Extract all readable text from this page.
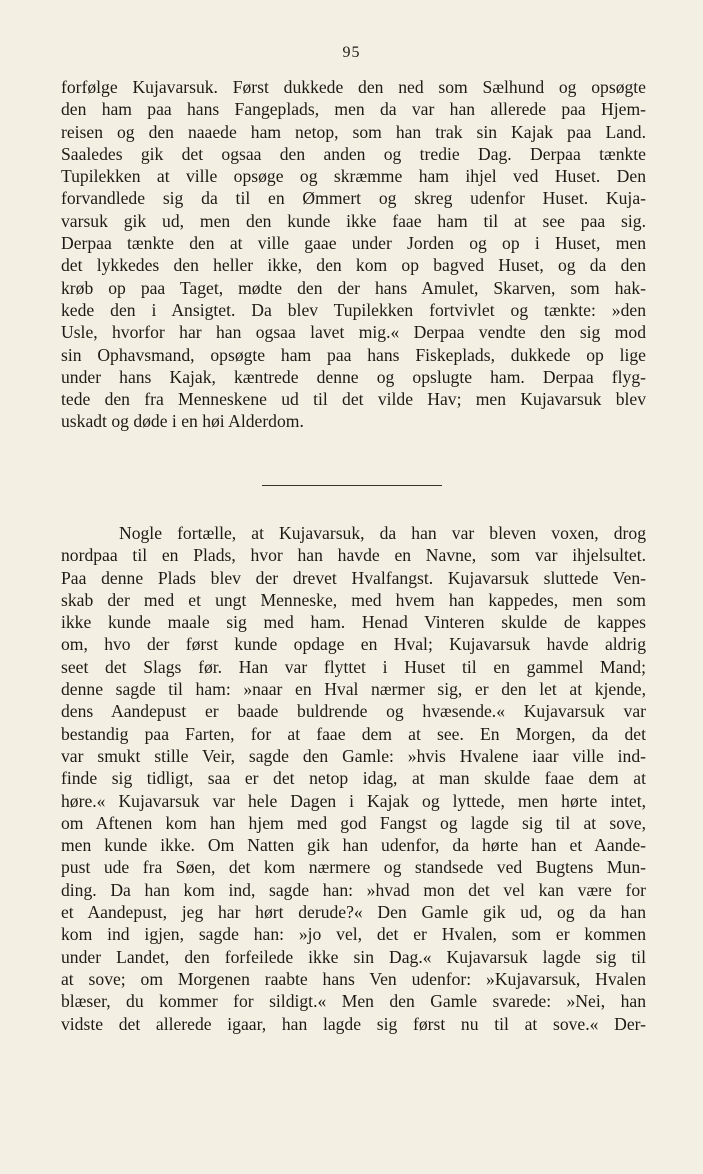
95
forfølge Kujavarsuk. Først dukkede den ned som Sælhund og opsøgte
den ham paa hans Fangeplads, men da var han allerede paa Hjem-
reisen og den naaede ham netop, som han trak sin Kajak paa Land.
Saaledes gik det ogsaa den anden og tredie Dag. Derpaa tænkte
Tupilekken at ville opsøge og skræmme ham ihjel ved Huset. Den
forvandlede sig da til en Ømmert og skreg udenfor Huset. Kuja-
varsuk gik ud, men den kunde ikke faae ham til at see paa sig.
Derpaa tænkte den at ville gaae under Jorden og op i Huset, men
det lykkedes den heller ikke, den kom op bagved Huset, og da den
krøb op paa Taget, mødte den der hans Amulet, Skarven, som hak-
kede den i Ansigtet. Da blev Tupilekken fortvivlet og tænkte: »den
Usle, hvorfor har han ogsaa lavet mig.« Derpaa vendte den sig mod
sin Ophavsmand, opsøgte ham paa hans Fiskeplads, dukkede op lige
under hans Kajak, kæntrede denne og opslugte ham. Derpaa flyg-
tede den fra Menneskene ud til det vilde Hav; men Kujavarsuk blev
uskadt og døde i en høi Alderdom.
Nogle fortælle, at Kujavarsuk, da han var bleven voxen, drog
nordpaa til en Plads, hvor han havde en Navne, som var ihjelsultet.
Paa denne Plads blev der drevet Hvalfangst. Kujavarsuk sluttede Ven-
skab der med et ungt Menneske, med hvem han kappedes, men som
ikke kunde maale sig med ham. Henad Vinteren skulde de kappes
om, hvo der først kunde opdage en Hval; Kujavarsuk havde aldrig
seet det Slags før. Han var flyttet i Huset til en gammel Mand;
denne sagde til ham: »naar en Hval nærmer sig, er den let at kjende,
dens Aandepust er baade buldrende og hvæsende.« Kujavarsuk var
bestandig paa Farten, for at faae dem at see. En Morgen, da det
var smukt stille Veir, sagde den Gamle: »hvis Hvalene iaar ville ind-
finde sig tidligt, saa er det netop idag, at man skulde faae dem at
høre.« Kujavarsuk var hele Dagen i Kajak og lyttede, men hørte intet,
om Aftenen kom han hjem med god Fangst og lagde sig til at sove,
men kunde ikke. Om Natten gik han udenfor, da hørte han et Aande-
pust ude fra Søen, det kom nærmere og standsede ved Bugtens Mun-
ding. Da han kom ind, sagde han: »hvad mon det vel kan være for
et Aandepust, jeg har hørt derude?« Den Gamle gik ud, og da han
kom ind igjen, sagde han: »jo vel, det er Hvalen, som er kommen
under Landet, den forfeilede ikke sin Dag.« Kujavarsuk lagde sig til
at sove; om Morgenen raabte hans Ven udenfor: »Kujavarsuk, Hvalen
blæser, du kommer for sildigt.« Men den Gamle svarede: »Nei, han
vidste det allerede igaar, han lagde sig først nu til at sove.« Der-
